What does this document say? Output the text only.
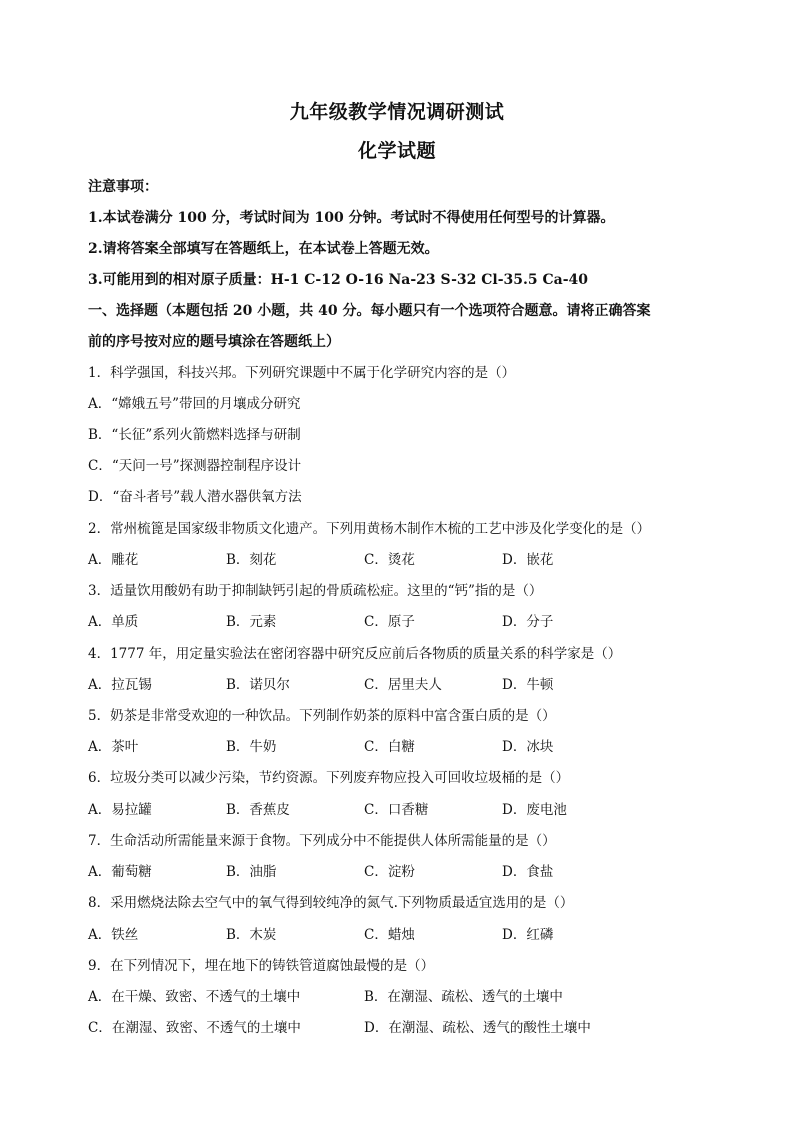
九年级教学情况调研测试
化学试题
注意事项：
1.本试卷满分 100 分，考试时间为 100 分钟。考试时不得使用任何型号的计算器。
2.请将答案全部填写在答题纸上，在本试卷上答题无效。
3.可能用到的相对原子质量：H-1 C-12 O-16 Na-23 S-32 Cl-35.5 Ca-40
一、选择题（本题包括 20 小题，共 40 分。每小题只有一个选项符合题意。请将正确答案
前的序号按对应的题号填涂在答题纸上）
1．科学强国，科技兴邦。下列研究课题中不属于化学研究内容的是（）
A．“嫦娥五号”带回的月壤成分研究
B．“长征”系列火箭燃料选择与研制
C．“天问一号”探测器控制程序设计
D．“奋斗者号”载人潜水器供氧方法
2．常州梳篦是国家级非物质文化遗产。下列用黄杨木制作木梳的工艺中涉及化学变化的是（）
A．雕花	B．刻花	C．烫花	D．嵌花
3．适量饮用酸奶有助于抑制缺钙引起的骨质疏松症。这里的“钙”指的是（）
A．单质	B．元素	C．原子	D．分子
4．1777 年，用定量实验法在密闭容器中研究反应前后各物质的质量关系的科学家是（）
A．拉瓦锡	B．诺贝尔	C．居里夫人	D．牛顿
5．奶茶是非常受欢迎的一种饮品。下列制作奶茶的原料中富含蛋白质的是（）
A．茶叶	B．牛奶	C．白糖	D．冰块
6．垃圾分类可以减少污染，节约资源。下列废弃物应投入可回收垃圾桶的是（）
A．易拉罐	B．香蕉皮	C．口香糖	D．废电池
7．生命活动所需能量来源于食物。下列成分中不能提供人体所需能量的是（）
A．葡萄糖	B．油脂	C．淀粉	D．食盐
8．采用燃烧法除去空气中的氧气得到较纯净的氮气.下列物质最适宜选用的是（）
A．铁丝	B．木炭	C．蜡烛	D．红磷
9．在下列情况下，埋在地下的铸铁管道腐蚀最慢的是（）
A．在干燥、致密、不透气的土壤中	B．在潮湿、疏松、透气的土壤中
C．在潮湿、致密、不透气的土壤中	D．在潮湿、疏松、透气的酸性土壤中
